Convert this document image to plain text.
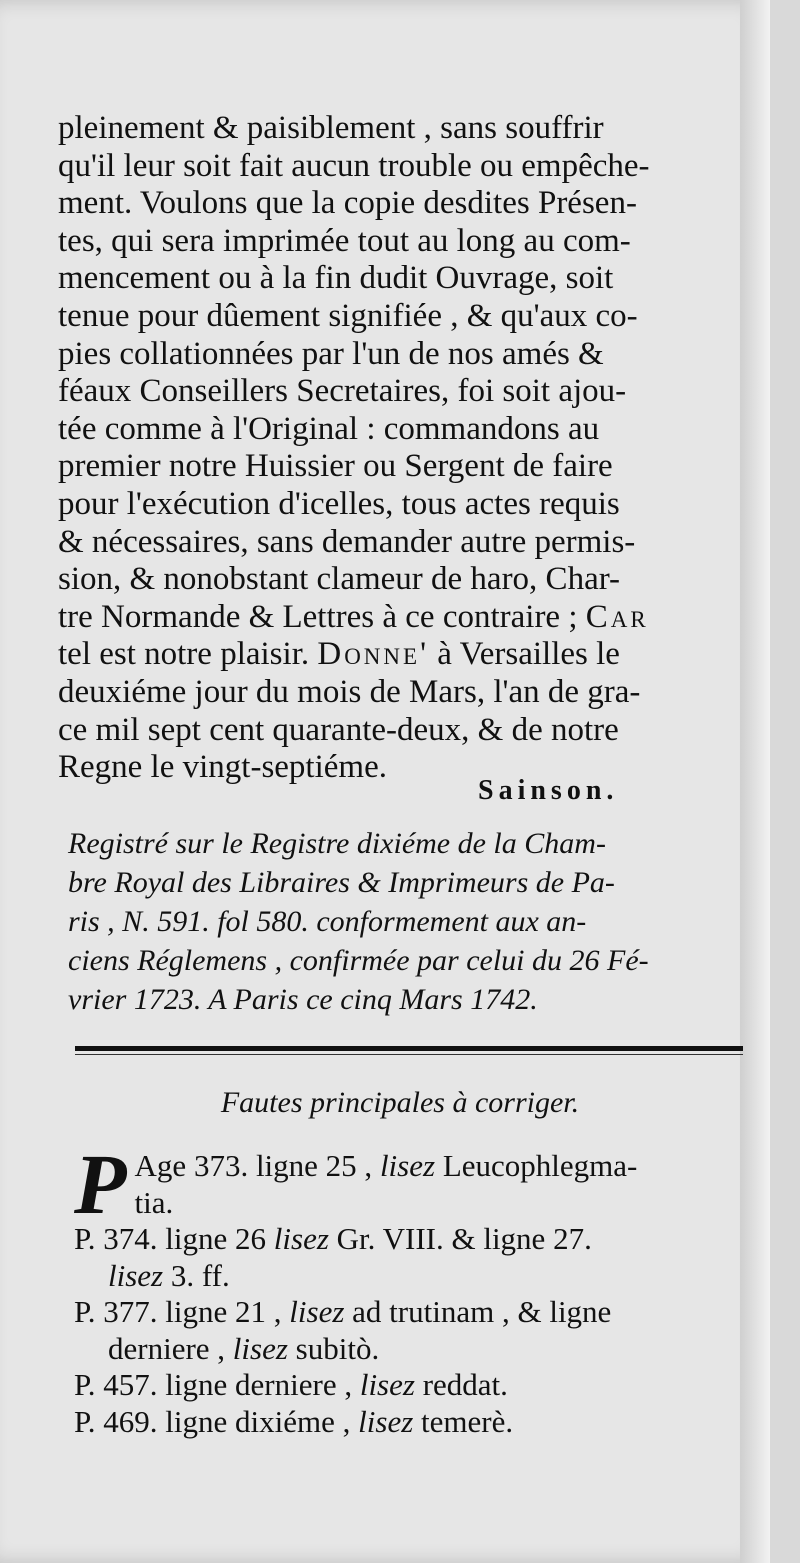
pleinement & paisiblement , sans souffrir
qu'il leur soit fait aucun trouble ou empêche-
ment. Voulons que la copie desdites Présen-
tes, qui sera imprimée tout au long au com-
mencement ou à la fin dudit Ouvrage, soit
tenue pour dûement signifiée , & qu'aux co-
pies collationnées par l'un de nos amés &
féaux Conseillers Secretaires, foi soit ajou-
tée comme à l'Original : commandons au
premier notre Huissier ou Sergent de faire
pour l'exécution d'icelles, tous actes requis
& nécessaires, sans demander autre permis-
sion, & nonobstant clameur de haro, Char-
tre Normande & Lettres à ce contraire ; Car
tel est notre plaisir. Donne' à Versailles le
deuxiéme jour du mois de Mars, l'an de gra-
ce mil sept cent quarante-deux, & de notre
Regne le vingt-septiéme.
Sainson.
Registré sur le Registre dixiéme de la Cham-
bre Royal des Libraires & Imprimeurs de Pa-
ris , N. 591. fol 580. conformement aux an-
ciens Réglemens , confirmée par celui du 26 Fé-
vrier 1723. A Paris ce cinq Mars 1742.
Fautes principales à corriger.
P Age 373. ligne 25 , lisez Leucophlegma-
tia.
P. 374. ligne 26 lisez Gr. VIII. & ligne 27.
lisez 3. ff.
P. 377. ligne 21 , lisez ad trutinam , & ligne
derniere , lisez subitò.
P. 457. ligne derniere , lisez reddat.
P. 469. ligne dixiéme , lisez temerè.
